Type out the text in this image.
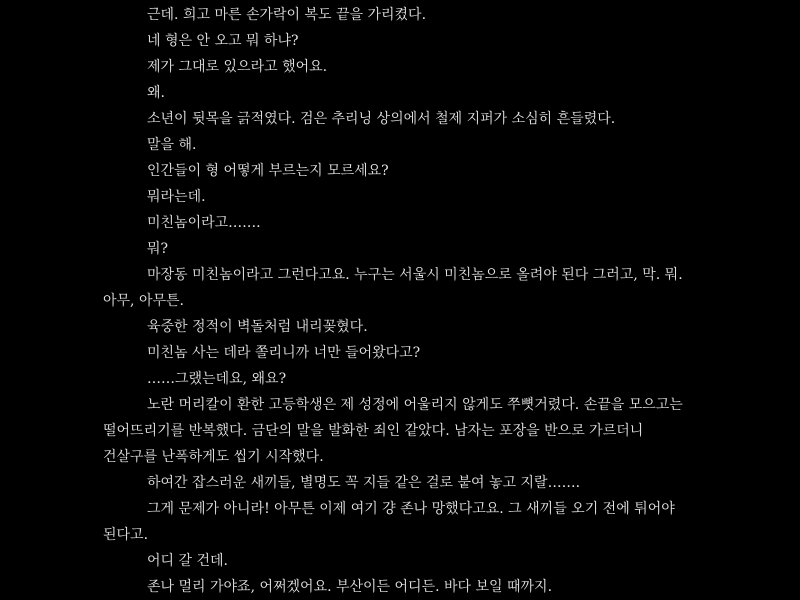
근데. 희고 마른 손가락이 복도 끝을 가리켰다.

네 형은 안 오고 뭐 하냐?

제가 그대로 있으라고 했어요.

왜.

소년이 뒷목을 긁적였다. 검은 추리닝 상의에서 철제 지퍼가 소심히 흔들렸다.

말을 해.

인간들이 형 어떻게 부르는지 모르세요?

뭐라는데.

미친놈이라고…….

뭐?

마장동 미친놈이라고 그런다고요. 누구는 서울시 미친놈으로 올려야 된다 그러고, 막. 뭐.

아무, 아무튼.

육중한 정적이 벽돌처럼 내리꽂혔다.

미친놈 사는 데라 쫄리니까 너만 들어왔다고?

……그랬는데요, 왜요?

노란 머리칼이 환한 고등학생은 제 성정에 어울리지 않게도 쭈뼛거렸다. 손끝을 모으고는

떨어뜨리기를 반복했다. 금단의 말을 발화한 죄인 같았다. 남자는 포장을 반으로 가르더니

건살구를 난폭하게도 씹기 시작했다.

하여간 잡스러운 새끼들, 별명도 꼭 지들 같은 걸로 붙여 놓고 지랄…….

그게 문제가 아니라! 아무튼 이제 여기 걍 존나 망했다고요. 그 새끼들 오기 전에 튀어야

된다고.

어디 갈 건데.

존나 멀리 가야죠, 어쩌겠어요. 부산이든 어디든. 바다 보일 때까지.
